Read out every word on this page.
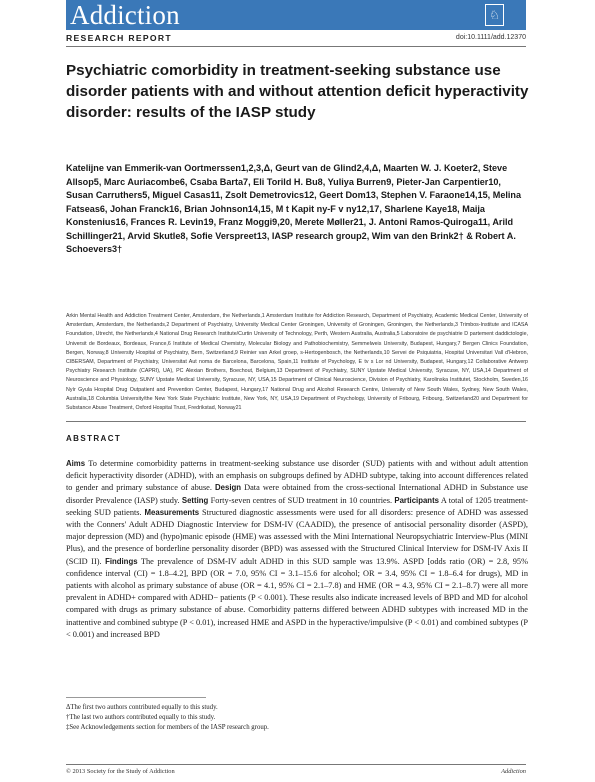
Addiction	♘
RESEARCH REPORT	doi:10.1111/add.12370
Psychiatric comorbidity in treatment-seeking substance use disorder patients with and without attention deficit hyperactivity disorder: results of the IASP study

Katelijne van Emmerik-van Oortmerssen1,2,3,Δ, Geurt van de Glind2,4,Δ, Maarten W. J. Koeter2, Steve Allsop5, Marc Auriacombe6, Csaba Barta7, Eli Torild H. Bu8, Yuliya Burren9, Pieter-Jan Carpentier10, Susan Carruthers5, Miguel Casas11, Zsolt Demetrovics12, Geert Dom13, Stephen V. Faraone14,15, Melina Fatseas6, Johan Franck16, Brian Johnson14,15, M t Kapit ny-F v ny12,17, Sharlene Kaye18, Maija Konstenius16, Frances R. Levin19, Franz Moggi9,20, Merete Møller21, J. Antoni Ramos-Quiroga11, Arild Schillinger21, Arvid Skutle8, Sofie Verspreet13, IASP research group2, Wim van den Brink2† & Robert A. Schoevers3†

Arkin Mental Health and Addiction Treatment Center, Amsterdam, the Netherlands,1 Amsterdam Institute for Addiction Research, Department of Psychiatry, Academic Medical Center, University of Amsterdam, Amsterdam, the Netherlands,2 Department of Psychiatry, University Medical Center Groningen, University of Groningen, Groningen, the Netherlands,3 Trimbos-Institute and ICASA Foundation, Utrecht, the Netherlands,4 National Drug Research Institute/Curtin University of Technology, Perth, Western Australia, Australia,5 Laboratoire de psychiatrie D partement daddictologie, Universit de Bordeaux, Bordeaux, France,6 Institute of Medical Chemistry, Molecular Biology and Pathobiochemistry, Semmelweis University, Budapest, Hungary,7 Bergen Clinics Foundation, Bergen, Norway,8 University Hospital of Psychiatry, Bern, Switzerland,9 Reinier van Arkel groep, s-Hertogenbosch, the Netherlands,10 Servei de Psiquiatria, Hospital Universitari Vall d'Hebron, CIBERSAM, Department of Psychiatry, Universitat Aut noma de Barcelona, Barcelona, Spain,11 Institute of Psychology, E tv s Lor nd University, Budapest, Hungary,12 Collaborative Antwerp Psychiatry Research Institute (CAPRI), UA), PC Alexian Brothers, Boechout, Belgium,13 Department of Psychiatry, SUNY Upstate Medical University, Syracuse, NY, USA,14 Department of Neuroscience and Physiology, SUNY Upstate Medical University, Syracuse, NY, USA,15 Department of Clinical Neuroscience, Division of Psychiatry, Karolinska Institutet, Stockholm, Sweden,16 Nyír Gyula Hospital Drug Outpatient and Prevention Center, Budapest, Hungary,17 National Drug and Alcohol Research Centre, University of New South Wales, Sydney, New South Wales, Australia,18 Columbia University/the New York State Psychiatric Institute, New York, NY, USA,19 Department of Psychology, University of Fribourg, Fribourg, Switzerland20 and Department for Substance Abuse Treatment, Oxford Hospital Trust, Fredrikstad, Norway21

ABSTRACT

Aims To determine comorbidity patterns in treatment-seeking substance use disorder (SUD) patients with and without adult attention deficit hyperactivity disorder (ADHD), with an emphasis on subgroups defined by ADHD subtype, taking into account differences related to gender and primary substance of abuse. Design Data were obtained from the cross-sectional International ADHD in Substance use disorder Prevalence (IASP) study. Setting Forty-seven centres of SUD treatment in 10 countries. Participants A total of 1205 treatment-seeking SUD patients. Measurements Structured diagnostic assessments were used for all disorders: presence of ADHD was assessed with the Conners' Adult ADHD Diagnostic Interview for DSM-IV (CAADID), the presence of antisocial personality disorder (ASPD), major depression (MD) and (hypo)manic episode (HME) was assessed with the Mini International Neuropsychiatric Interview-Plus (MINI Plus), and the presence of borderline personality disorder (BPD) was assessed with the Structured Clinical Interview for DSM-IV Axis II (SCID II). Findings The prevalence of DSM-IV adult ADHD in this SUD sample was 13.9%. ASPD [odds ratio (OR) = 2.8, 95% confidence interval (CI) = 1.8–4.2], BPD (OR = 7.0, 95% CI = 3.1–15.6 for alcohol; OR = 3.4, 95% CI = 1.8–6.4 for drugs), MD in patients with alcohol as primary substance of abuse (OR = 4.1, 95% CI = 2.1–7.8) and HME (OR = 4.3, 95% CI = 2.1–8.7) were all more prevalent in ADHD+ compared with ADHD− patients (P < 0.001). These results also indicate increased levels of BPD and MD for alcohol compared with drugs as primary substance of abuse. Comorbidity patterns differed between ADHD subtypes with increased MD in the inattentive and combined subtype (P < 0.01), increased HME and ASPD in the hyperactive/impulsive (P < 0.01) and combined subtypes (P < 0.001) and increased BPD

ΔThe first two authors contributed equally to this study.
†The last two authors contributed equally to this study.
‡See Acknowledgements section for members of the IASP research group.
© 2013 Society for the Study of Addiction	Addiction
